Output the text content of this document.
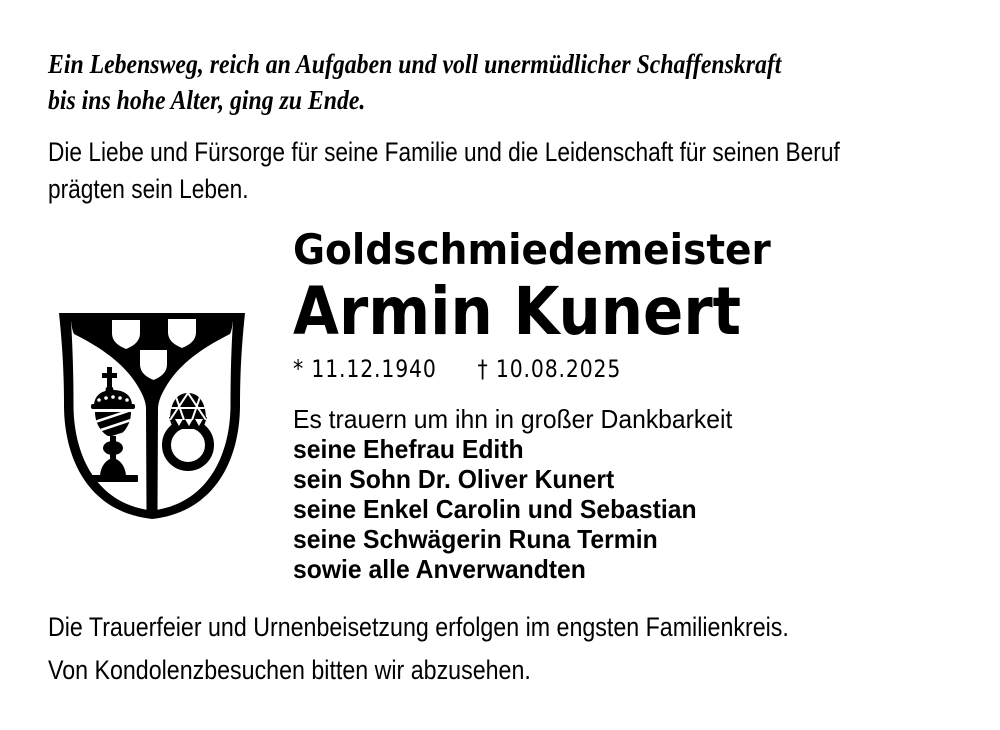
Ein Lebensweg, reich an Aufgaben und voll unermüdlicher Schaffenskraft
bis ins hohe Alter, ging zu Ende.
Die Liebe und Fürsorge für seine Familie und die Leidenschaft für seinen Beruf
prägten sein Leben.
Goldschmiedemeister
Armin Kunert
* 11.12.1940 † 10.08.2025
Es trauern um ihn in großer Dankbarkeit
seine Ehefrau Edith
sein Sohn Dr. Oliver Kunert
seine Enkel Carolin und Sebastian
seine Schwägerin Runa Termin
sowie alle Anverwandten
Die Trauerfeier und Urnenbeisetzung erfolgen im engsten Familienkreis.
Von Kondolenzbesuchen bitten wir abzusehen.
